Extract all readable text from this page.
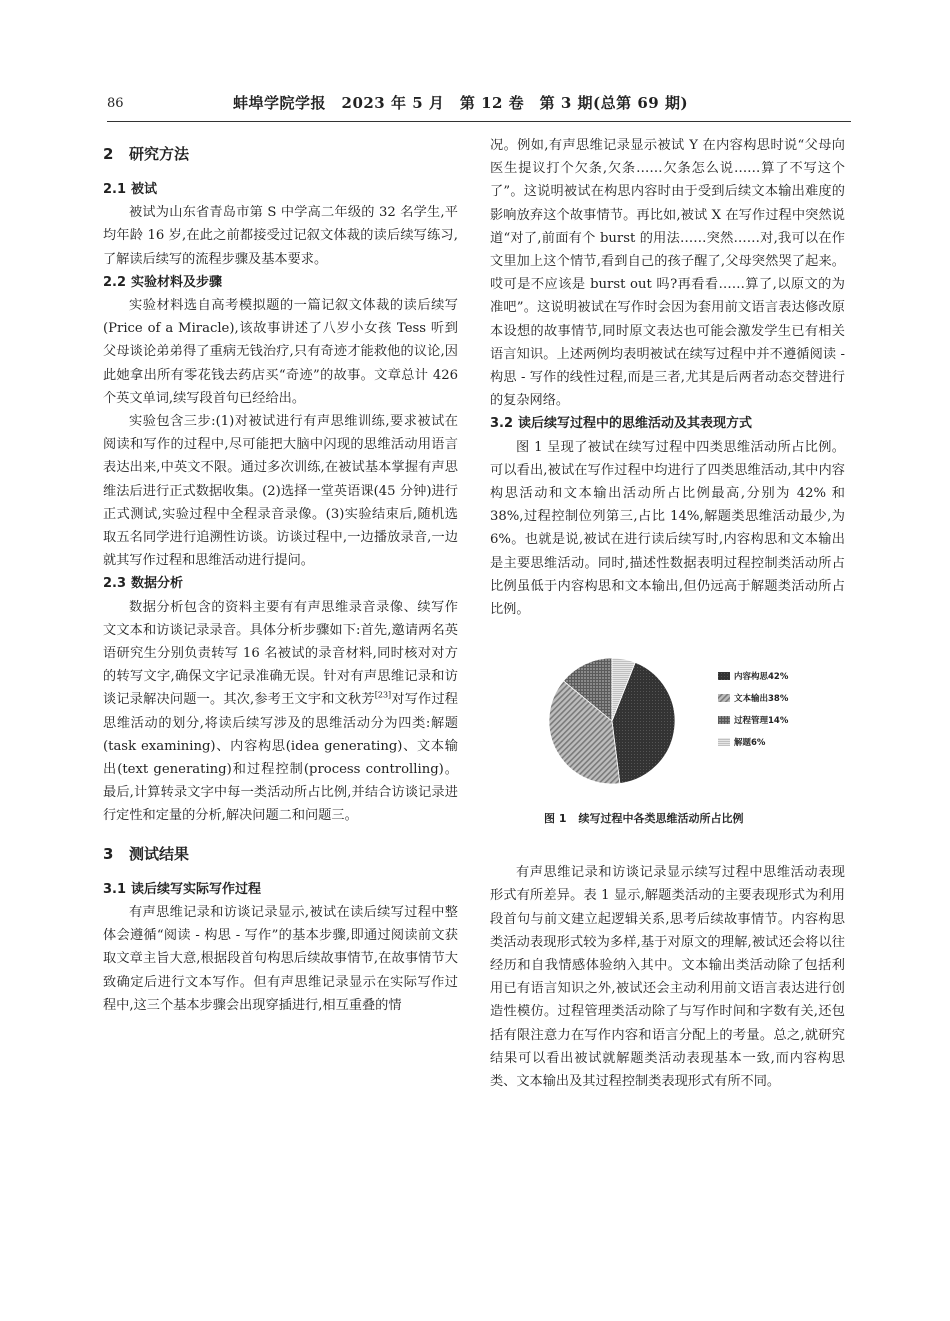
86	蚌埠学院学报　2023 年 5 月　第 12 卷　第 3 期(总第 69 期)
2 研究方法
2.1 被试

被试为山东省青岛市第 S 中学高二年级的 32 名学生,平均年龄 16 岁,在此之前都接受过记叙文体裁的读后续写练习,了解读后续写的流程步骤及基本要求。

2.2 实验材料及步骤

实验材料选自高考模拟题的一篇记叙文体裁的读后续写(Price of a Miracle),该故事讲述了八岁小女孩 Tess 听到父母谈论弟弟得了重病无钱治疗,只有奇迹才能救他的议论,因此她拿出所有零花钱去药店买“奇迹”的故事。文章总计 426 个英文单词,续写段首句已经给出。

实验包含三步:(1)对被试进行有声思维训练,要求被试在阅读和写作的过程中,尽可能把大脑中闪现的思维活动用语言表达出来,中英文不限。通过多次训练,在被试基本掌握有声思维法后进行正式数据收集。(2)选择一堂英语课(45 分钟)进行正式测试,实验过程中全程录音录像。(3)实验结束后,随机选取五名同学进行追溯性访谈。访谈过程中,一边播放录音,一边就其写作过程和思维活动进行提问。

2.3 数据分析

数据分析包含的资料主要有有声思维录音录像、续写作文文本和访谈记录录音。具体分析步骤如下:首先,邀请两名英语研究生分别负责转写 16 名被试的录音材料,同时核对对方的转写文字,确保文字记录准确无误。针对有声思维记录和访谈记录解决问题一。其次,参考王文宇和文秋芳[23]对写作过程思维活动的划分,将读后续写涉及的思维活动分为四类:解题(task examining)、内容构思(idea generating)、文本输出(text generating)和过程控制(process controlling)。最后,计算转录文字中每一类活动所占比例,并结合访谈记录进行定性和定量的分析,解决问题二和问题三。

3 测试结果
3.1 读后续写实际写作过程

有声思维记录和访谈记录显示,被试在读后续写过程中整体会遵循“阅读 - 构思 - 写作”的基本步骤,即通过阅读前文获取文章主旨大意,根据段首句构思后续故事情节,在故事情节大致确定后进行文本写作。但有声思维记录显示在实际写作过程中,这三个基本步骤会出现穿插进行,相互重叠的情

况。例如,有声思维记录显示被试 Y 在内容构思时说“父母向医生提议打个欠条,欠条……欠条怎么说……算了不写这个了”。这说明被试在构思内容时由于受到后续文本输出难度的影响放弃这个故事情节。再比如,被试 X 在写作过程中突然说道“对了,前面有个 burst 的用法……突然……对,我可以在作文里加上这个情节,看到自己的孩子醒了,父母突然哭了起来。哎可是不应该是 burst out 吗?再看看……算了,以原文的为准吧”。这说明被试在写作时会因为套用前文语言表达修改原本设想的故事情节,同时原文表达也可能会激发学生已有相关语言知识。上述两例均表明被试在续写过程中并不遵循阅读 - 构思 - 写作的线性过程,而是三者,尤其是后两者动态交替进行的复杂网络。

3.2 读后续写过程中的思维活动及其表现方式

图 1 呈现了被试在续写过程中四类思维活动所占比例。可以看出,被试在写作过程中均进行了四类思维活动,其中内容构思活动和文本输出活动所占比例最高,分别为 42% 和 38%,过程控制位列第三,占比 14%,解题类思维活动最少,为 6%。也就是说,被试在进行读后续写时,内容构思和文本输出是主要思维活动。同时,描述性数据表明过程控制类活动所占比例虽低于内容构思和文本输出,但仍远高于解题类活动所占比例。

内容构思42%
文本输出38%
过程管理14%
解题6%
图 1 续写过程中各类思维活动所占比例

有声思维记录和访谈记录显示续写过程中思维活动表现形式有所差异。表 1 显示,解题类活动的主要表现形式为利用段首句与前文建立起逻辑关系,思考后续故事情节。内容构思类活动表现形式较为多样,基于对原文的理解,被试还会将以往经历和自我情感体验纳入其中。文本输出类活动除了包括利用已有语言知识之外,被试还会主动利用前文语言表达进行创造性模仿。过程管理类活动除了与写作时间和字数有关,还包括有限注意力在写作内容和语言分配上的考量。总之,就研究结果可以看出被试就解题类活动表现基本一致,而内容构思类、文本输出及其过程控制类表现形式有所不同。
